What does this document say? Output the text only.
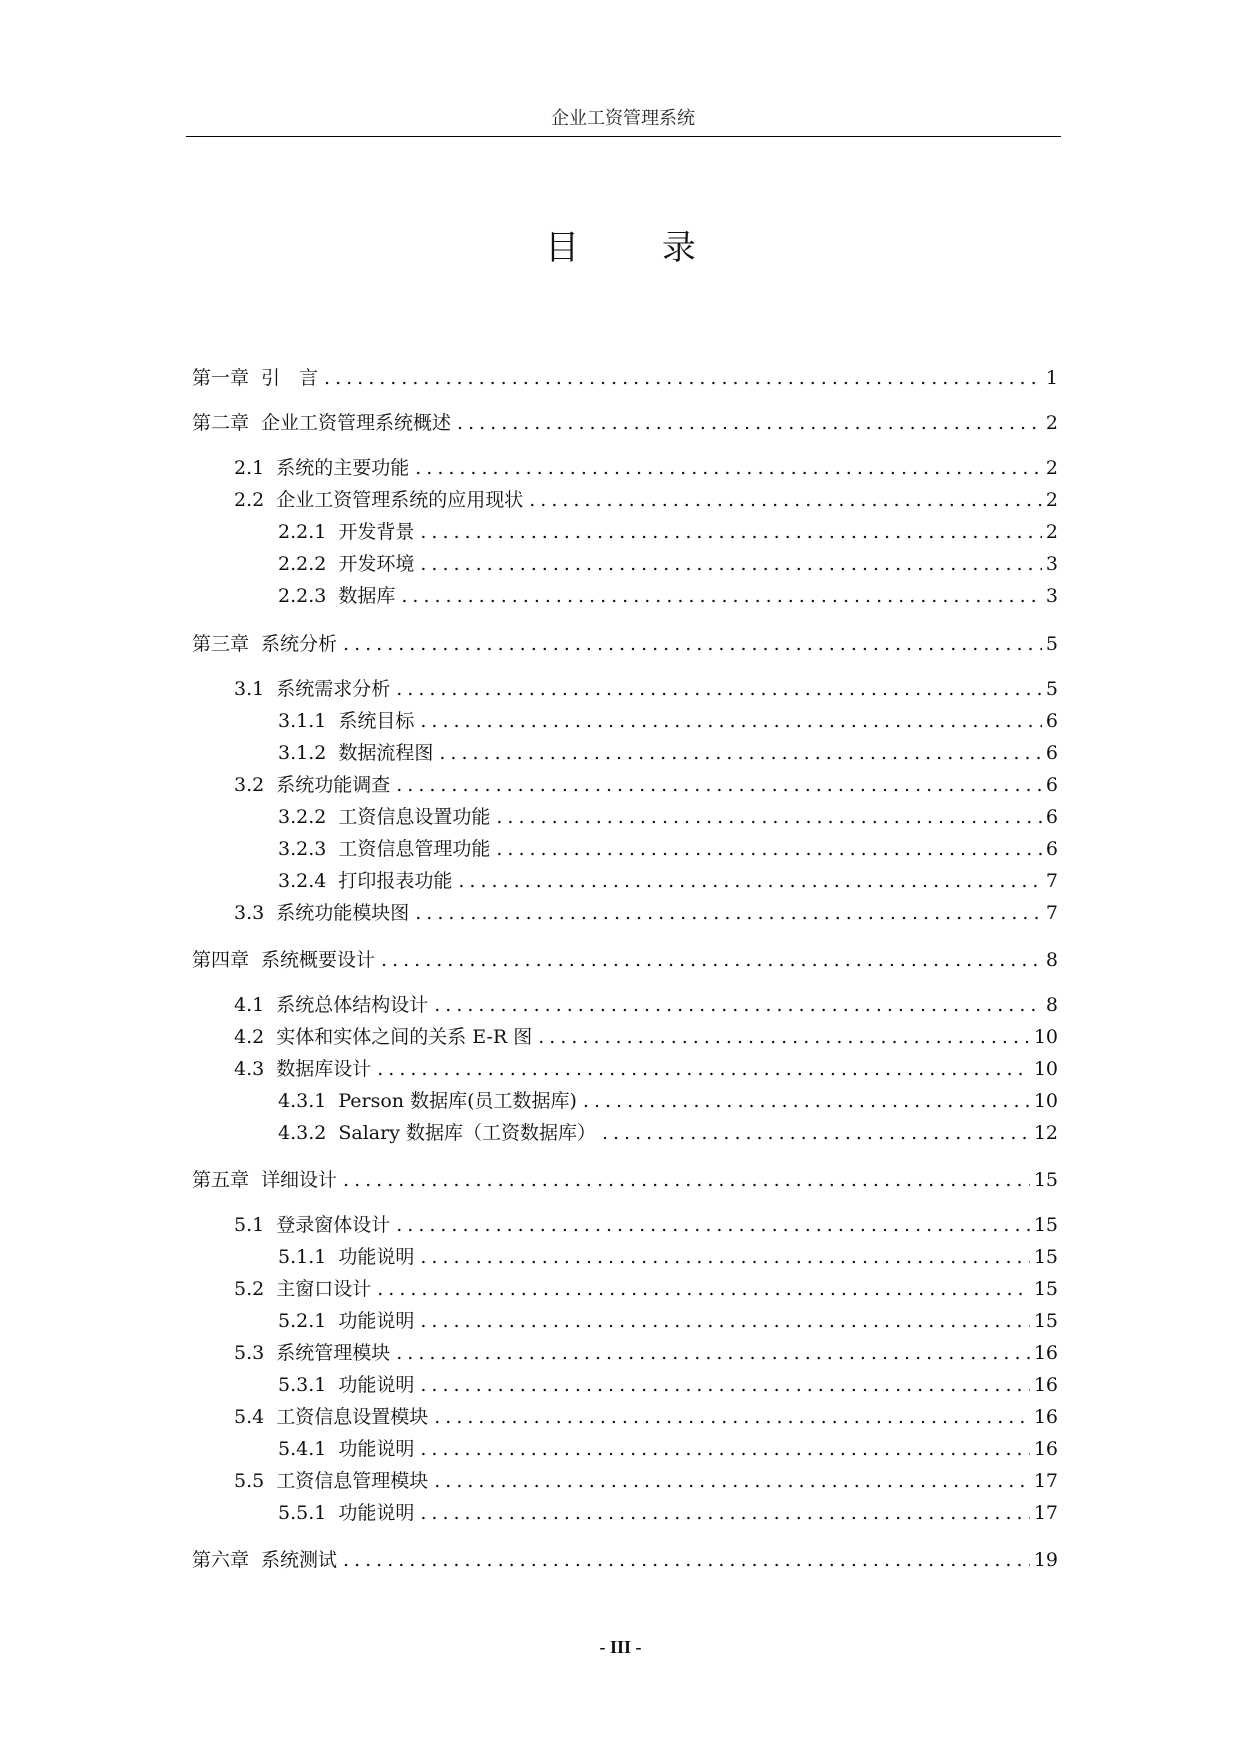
企业工资管理系统
目 录
第一章 引　言 .....	1
第二章 企业工资管理系统概述 .....	2
2.1 系统的主要功能 .....	2
2.2 企业工资管理系统的应用现状 .....	2
2.2.1 开发背景 .....	2
2.2.2 开发环境 .....	3
2.2.3 数据库 .....	3
第三章 系统分析 .....	5
3.1 系统需求分析 .....	5
3.1.1 系统目标 .....	6
3.1.2 数据流程图 .....	6
3.2 系统功能调查 .....	6
3.2.2 工资信息设置功能 .....	6
3.2.3 工资信息管理功能 .....	6
3.2.4 打印报表功能 .....	7
3.3 系统功能模块图 .....	7
第四章 系统概要设计 .....	8
4.1 系统总体结构设计 .....	8
4.2 实体和实体之间的关系 E-R 图 .....	10
4.3 数据库设计 .....	10
4.3.1 Person 数据库(员工数据库) .....	10
4.3.2 Salary 数据库（工资数据库） .....	12
第五章 详细设计 .....	15
5.1 登录窗体设计 .....	15
5.1.1 功能说明 .....	15
5.2 主窗口设计 .....	15
5.2.1 功能说明 .....	15
5.3 系统管理模块 .....	16
5.3.1 功能说明 .....	16
5.4 工资信息设置模块 .....	16
5.4.1 功能说明 .....	16
5.5 工资信息管理模块 .....	17
5.5.1 功能说明 .....	17
第六章 系统测试 .....	19
- III -
